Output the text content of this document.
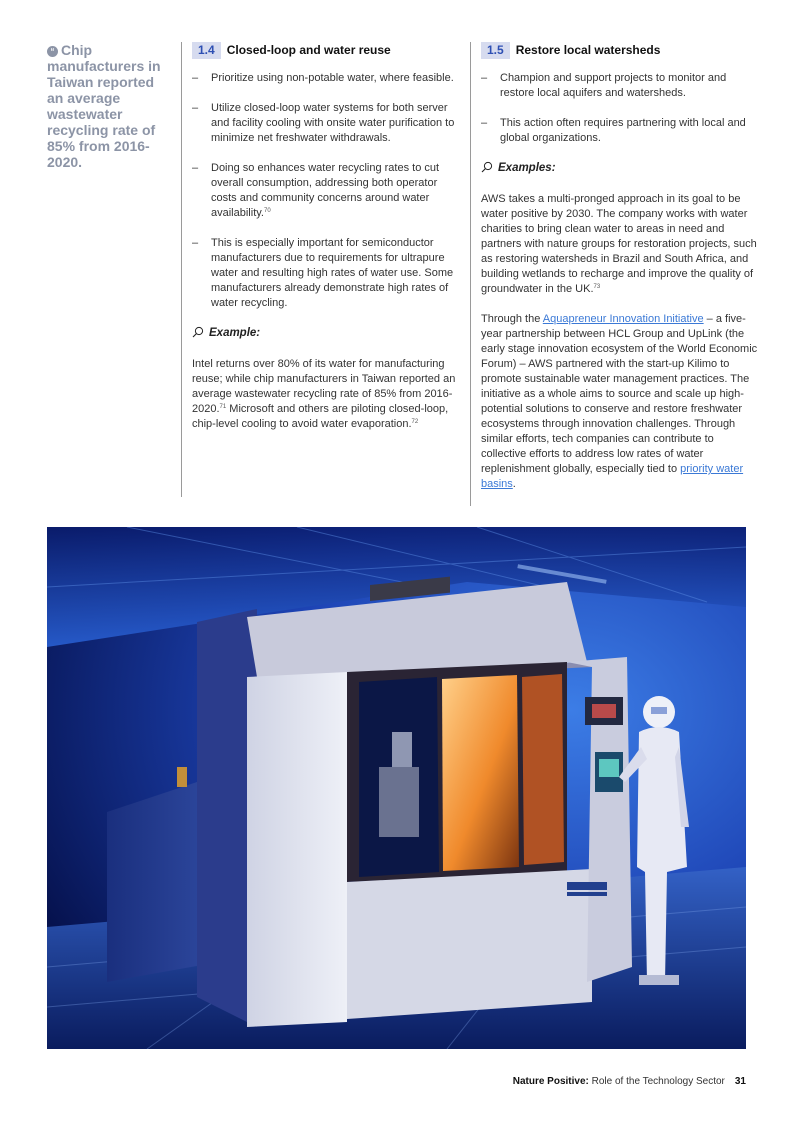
“ Chip manufacturers in Taiwan reported an average wastewater recycling rate of 85% from 2016-2020.
1.4 Closed-loop and water reuse
– Prioritize using non-potable water, where feasible.
– Utilize closed-loop water systems for both server and facility cooling with onsite water purification to minimize net freshwater withdrawals.
– Doing so enhances water recycling rates to cut overall consumption, addressing both operator costs and community concerns around water availability.$^{70}$
– This is especially important for semiconductor manufacturers due to requirements for ultrapure water and resulting high rates of water use. Some manufacturers already demonstrate high rates of water recycling.
Example:

Intel returns over 80% of its water for manufacturing reuse; while chip manufacturers in Taiwan reported an average wastewater recycling rate of 85% from 2016-2020.71 Microsoft and others are piloting closed-loop, chip-level cooling to avoid water evaporation.$^{72}$

1.5 Restore local watersheds
– Champion and support projects to monitor and restore local aquifers and watersheds.
– This action often requires partnering with local and global organizations.
Examples:

AWS takes a multi-pronged approach in its goal to be water positive by 2030. The company works with water charities to bring clean water to areas in need and partners with nature groups for restoration projects, such as restoring watersheds in Brazil and South Africa, and building wetlands to recharge and improve the quality of groundwater in the UK.$^{73}$

Through the Aquapreneur Innovation Initiative – a five-year partnership between HCL Group and UpLink (the early stage innovation ecosystem of the World Economic Forum) – AWS partnered with the start-up Kilimo to promote sustainable water management practices. The initiative as a whole aims to source and scale up high-potential solutions to conserve and restore freshwater ecosystems through innovation challenges. Through similar efforts, tech companies can contribute to collective efforts to address low rates of water replenishment globally, especially tied to priority water basins.

Nature Positive: Role of the Technology Sector 31
